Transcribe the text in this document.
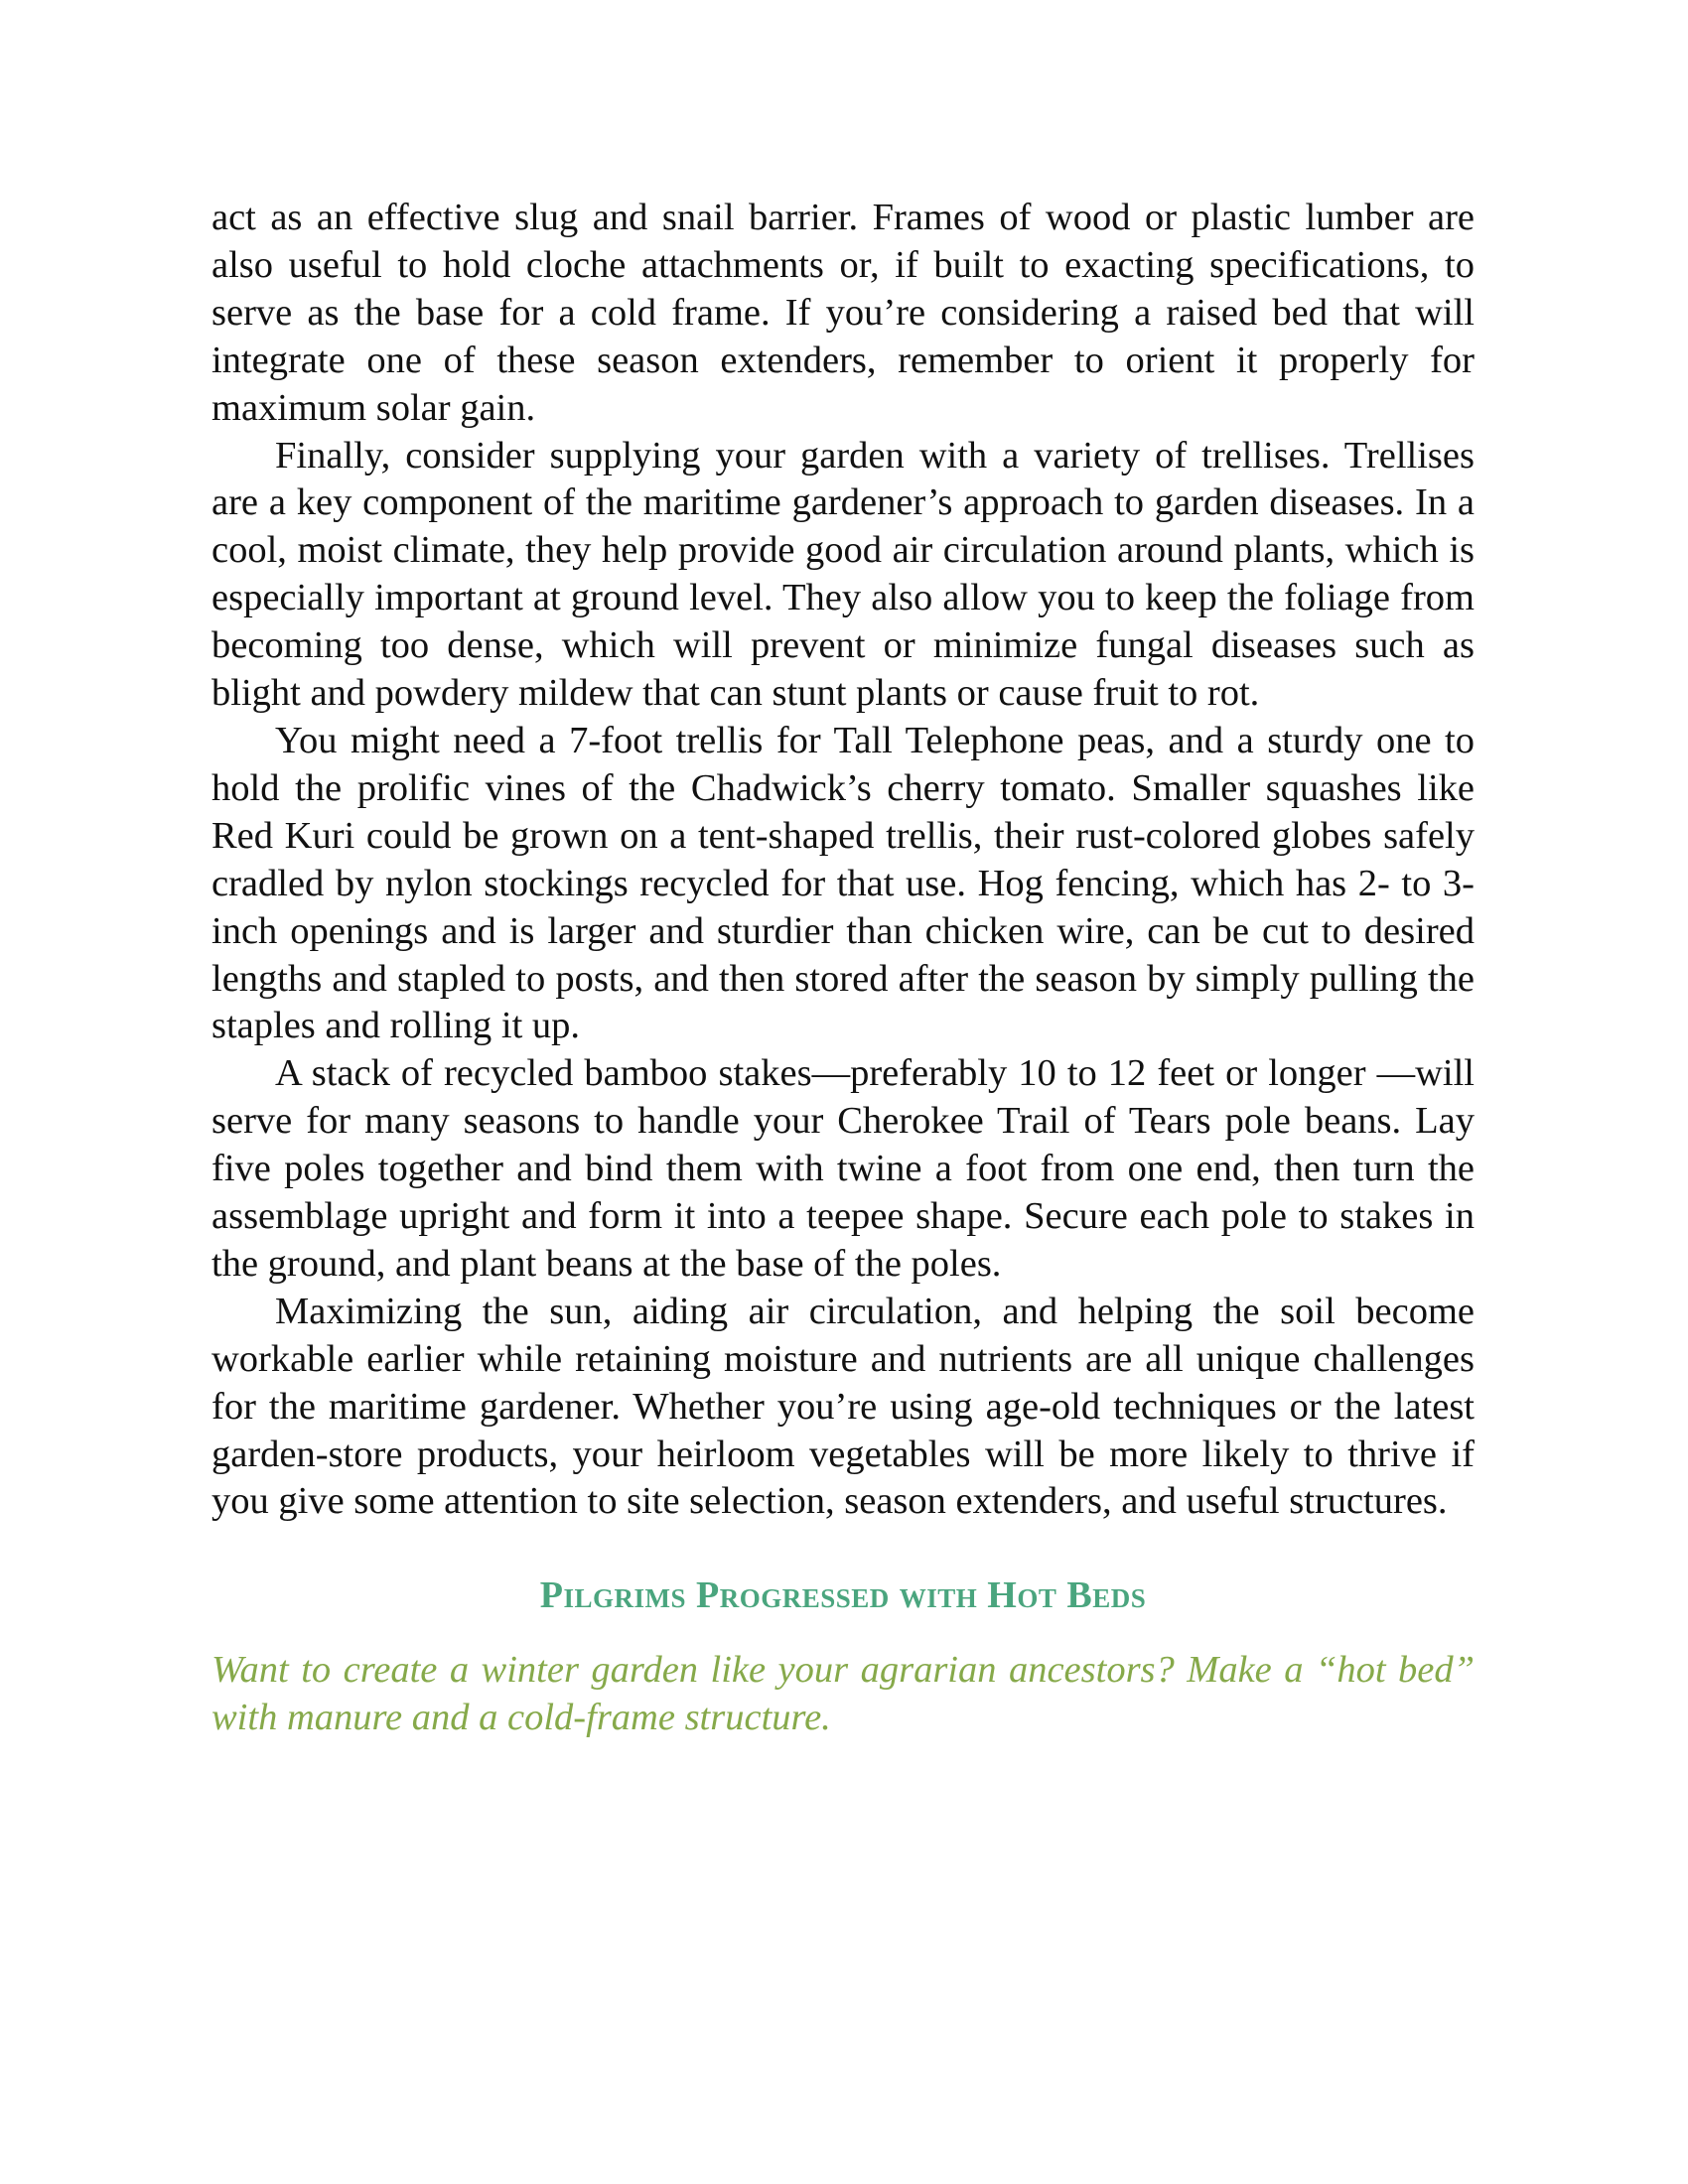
act as an effective slug and snail barrier. Frames of wood or plastic lumber are also useful to hold cloche attachments or, if built to exacting specifications, to serve as the base for a cold frame. If you’re considering a raised bed that will integrate one of these season extenders, remember to orient it properly for maximum solar gain.

Finally, consider supplying your garden with a variety of trellises. Trellises are a key component of the maritime gardener’s approach to garden diseases. In a cool, moist climate, they help provide good air circulation around plants, which is especially important at ground level. They also allow you to keep the foliage from becoming too dense, which will prevent or minimize fungal diseases such as blight and powdery mildew that can stunt plants or cause fruit to rot.

You might need a 7-foot trellis for Tall Telephone peas, and a sturdy one to hold the prolific vines of the Chadwick’s cherry tomato. Smaller squashes like Red Kuri could be grown on a tent-shaped trellis, their rust-colored globes safely cradled by nylon stockings recycled for that use. Hog fencing, which has 2- to 3-inch openings and is larger and sturdier than chicken wire, can be cut to desired lengths and stapled to posts, and then stored after the season by simply pulling the staples and rolling it up.

A stack of recycled bamboo stakes—preferably 10 to 12 feet or longer —will serve for many seasons to handle your Cherokee Trail of Tears pole beans. Lay five poles together and bind them with twine a foot from one end, then turn the assemblage upright and form it into a teepee shape. Secure each pole to stakes in the ground, and plant beans at the base of the poles.

Maximizing the sun, aiding air circulation, and helping the soil become workable earlier while retaining moisture and nutrients are all unique challenges for the maritime gardener. Whether you’re using age-old techniques or the latest garden-store products, your heirloom vegetables will be more likely to thrive if you give some attention to site selection, season extenders, and useful structures.

Pilgrims Progressed with Hot Beds

Want to create a winter garden like your agrarian ancestors? Make a “hot bed” with manure and a cold-frame structure.
